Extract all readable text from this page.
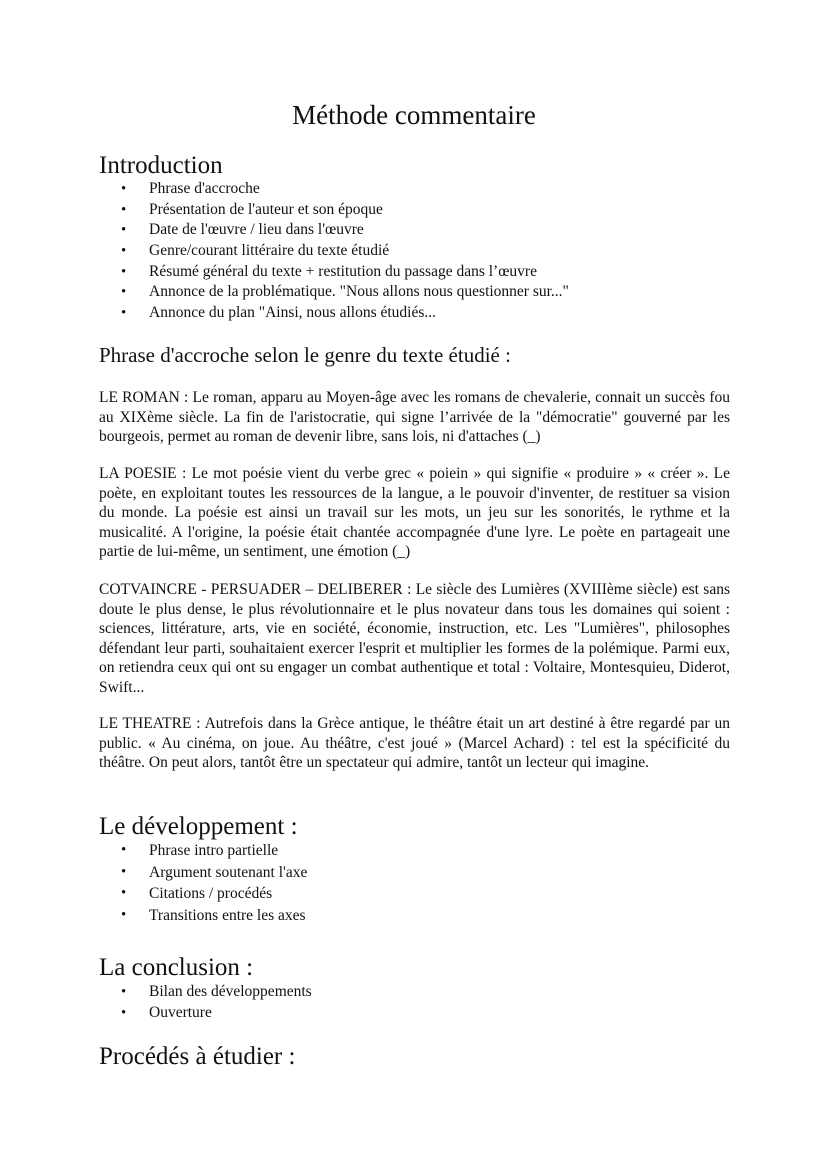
Méthode commentaire
Introduction
• Phrase d'accroche
• Présentation de l'auteur et son époque
• Date de l'œuvre / lieu dans l'œuvre
• Genre/courant littéraire du texte étudié
• Résumé général du texte + restitution du passage dans l’œuvre
• Annonce de la problématique. "Nous allons nous questionner sur..."
• Annonce du plan "Ainsi, nous allons étudiés...
Phrase d'accroche selon le genre du texte étudié :

LE ROMAN : Le roman, apparu au Moyen-âge avec les romans de chevalerie, connait un succès fou au XIXème siècle. La fin de l'aristocratie, qui signe l’arrivée de la "démocratie" gouverné par les bourgeois, permet au roman de devenir libre, sans lois, ni d'attaches (_)

LA POESIE : Le mot poésie vient du verbe grec « poiein » qui signifie « produire » « créer ». Le poète, en exploitant toutes les ressources de la langue, a le pouvoir d'inventer, de restituer sa vision du monde. La poésie est ainsi un travail sur les mots, un jeu sur les sonorités, le rythme et la musicalité. A l'origine, la poésie était chantée accompagnée d'une lyre. Le poète en partageait une partie de lui-même, un sentiment, une émotion (_)

COTVAINCRE - PERSUADER – DELIBERER : Le siècle des Lumières (XVIIIème siècle) est sans doute le plus dense, le plus révolutionnaire et le plus novateur dans tous les domaines qui soient : sciences, littérature, arts, vie en société, économie, instruction, etc. Les "Lumières", philosophes défendant leur parti, souhaitaient exercer l'esprit et multiplier les formes de la polémique. Parmi eux, on retiendra ceux qui ont su engager un combat authentique et total : Voltaire, Montesquieu, Diderot, Swift...

LE THEATRE : Autrefois dans la Grèce antique, le théâtre était un art destiné à être regardé par un public. « Au cinéma, on joue. Au théâtre, c'est joué » (Marcel Achard) : tel est la spécificité du théâtre. On peut alors, tantôt être un spectateur qui admire, tantôt un lecteur qui imagine.

Le développement :
• Phrase intro partielle
• Argument soutenant l'axe
• Citations / procédés
• Transitions entre les axes
La conclusion :
• Bilan des développements
• Ouverture
Procédés à étudier :
